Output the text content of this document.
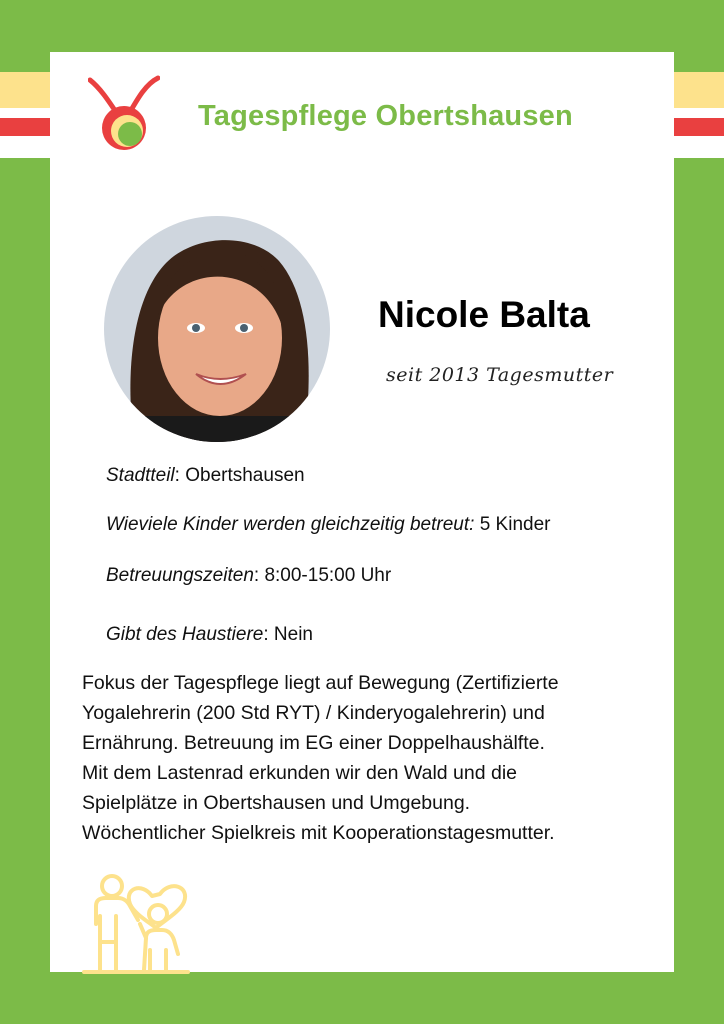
Tagespflege Obertshausen
Nicole Balta
seit 2013 Tagesmutter
Stadtteil: Obertshausen
Wieviele Kinder werden gleichzeitig betreut: 5 Kinder
Betreuungszeiten: 8:00-15:00 Uhr
Gibt des Haustiere: Nein

Fokus der Tagespflege liegt auf Bewegung (Zertifizierte
Yogalehrerin (200 Std RYT) / Kinderyogalehrerin) und
Ernährung. Betreuung im EG einer Doppelhaushälfte.
Mit dem Lastenrad erkunden wir den Wald und die
Spielplätze in Obertshausen und Umgebung.
Wöchentlicher Spielkreis mit Kooperationstagesmutter.
